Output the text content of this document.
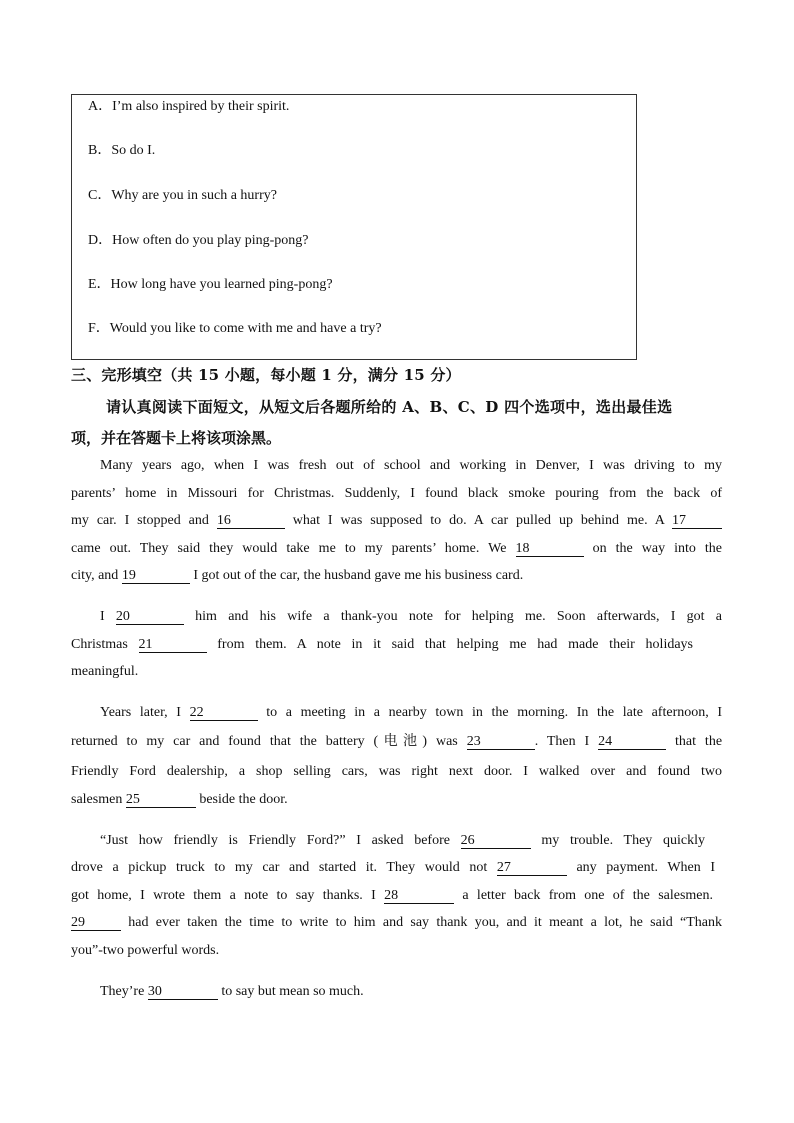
A．I’m also inspired by their spirit.
B．So do I.
C．Why are you in such a hurry?
D．How often do you play ping-pong?
E．How long have you learned ping-pong?
F．Would you like to come with me and have a try?
三、完形填空（共 15 小题，每小题 1 分，满分 15 分）
请认真阅读下面短文，从短文后各题所给的 A、B、C、D 四个选项中，选出最佳选
项，并在答题卡上将该项涂黑。
Many years ago, when I was fresh out of school and working in Denver, I was driving to my
parents’ home in Missouri for Christmas. Suddenly, I found black smoke pouring from the back of
my car. I stopped and 16	what I was supposed to do. A car pulled up behind me. A 17
came out. They said they would take me to my parents’ home. We 18	on the way into the
city, and 19	I got out of the car, the husband gave me his business card.
I 20	him and his wife a thank-you note for helping me. Soon afterwards, I got a
Christmas 21	from them. A note in it said that helping me had made their holidays
meaningful.
Years later, I 22	to a meeting in a nearby town in the morning. In the late afternoon, I
returned to my car and found that the battery (电池) was 23	. Then I 24	that the
Friendly Ford dealership, a shop selling cars, was right next door. I walked over and found two
salesmen 25	beside the door.
“Just how friendly is Friendly Ford?” I asked before 26	my trouble. They quickly
drove a pickup truck to my car and started it. They would not 27	any payment. When I
got home, I wrote them a note to say thanks. I 28	a letter back from one of the salesmen.
29	had ever taken the time to write to him and say thank you, and it meant a lot, he said “Thank
you”-two powerful words.
They’re 30	to say but mean so much.
